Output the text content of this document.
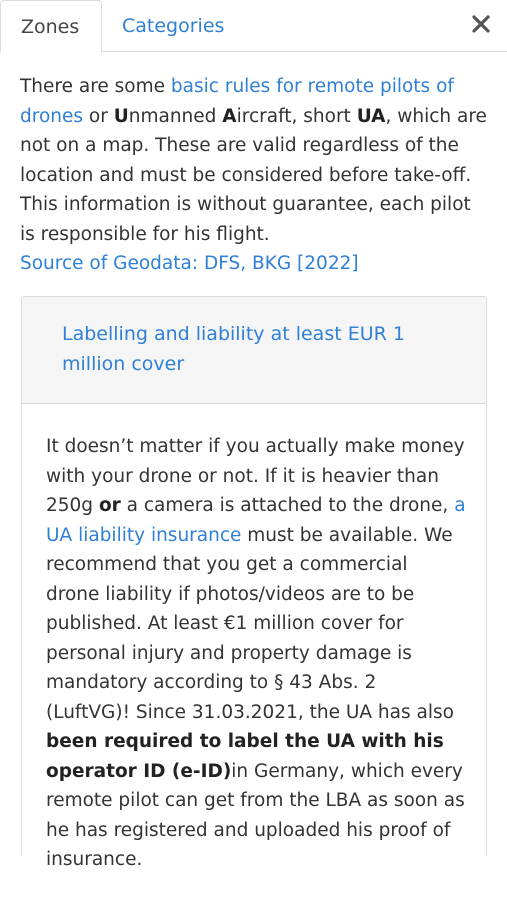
Zones	Categories
There are some basic rules for remote pilots of drones or Unmanned Aircraft, short UA, which are not on a map. These are valid regardless of the location and must be considered before take-off. This information is without guarantee, each pilot is responsible for his flight.
Source of Geodata: DFS, BKG [2022]
Labelling and liability at least EUR 1 million cover
It doesn’t matter if you actually make money with your drone or not. If it is heavier than 250g or a camera is attached to the drone, a UA liability insurance must be available. We recommend that you get a commercial drone liability if photos/videos are to be published. At least €1 million cover for personal injury and property damage is mandatory according to § 43 Abs. 2 (LuftVG)! Since 31.03.2021, the UA has also been required to label the UA with his operator ID (e-ID)in Germany, which every remote pilot can get from the LBA as soon as he has registered and uploaded his proof of insurance.
